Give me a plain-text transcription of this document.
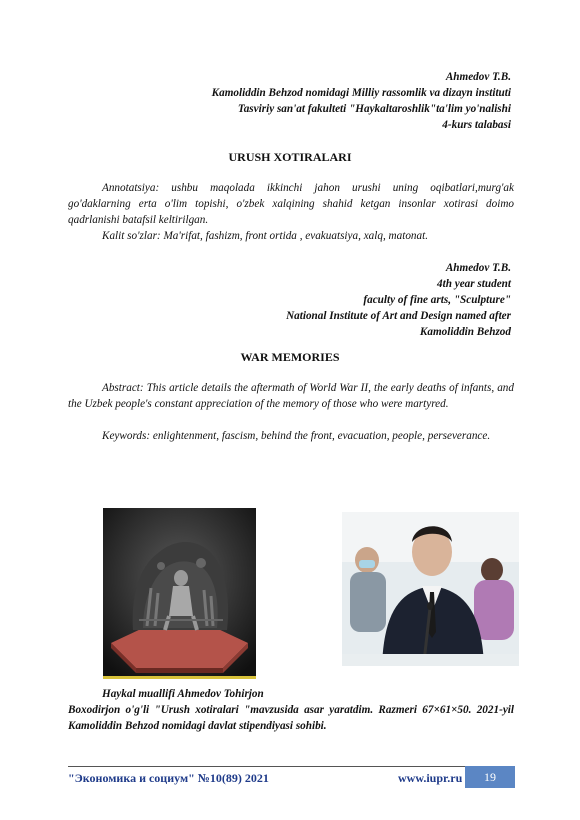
Ahmedov T.B.
Kamoliddin Behzod nomidagi Milliy rassomlik va dizayn instituti
Tasviriy san'at fakulteti "Haykaltaroshlik"ta'lim yo'nalishi
4-kurs talabasi
URUSH XOTIRALARI
Annotatsiya: ushbu maqolada ikkinchi jahon urushi uning oqibatlari,murg'ak go'daklarning erta o'lim topishi, o'zbek xalqining shahid ketgan insonlar xotirasi doimo qadrlanishi batafsil keltirilgan.
Kalit so'zlar: Ma'rifat, fashizm, front ortida , evakuatsiya, xalq, matonat.
Ahmedov T.B.
4th year student
faculty of fine arts, "Sculpture"
National Institute of Art and Design named after
Kamoliddin Behzod
WAR MEMORIES
Abstract: This article details the aftermath of World War II, the early deaths of infants, and the Uzbek people's constant appreciation of the memory of those who were martyred.
Keywords: enlightenment, fascism, behind the front, evacuation, people, perseverance.
Haykal muallifi Ahmedov Tohirjon
Boxodirjon o'g'li "Urush xotiralari "mavzusida asar yaratdim. Razmeri 67×61×50. 2021-yil Kamoliddin Behzod nomidagi davlat stipendiyasi sohibi.
"Экономика и социум" №10(89) 2021	www.iupr.ru	19
